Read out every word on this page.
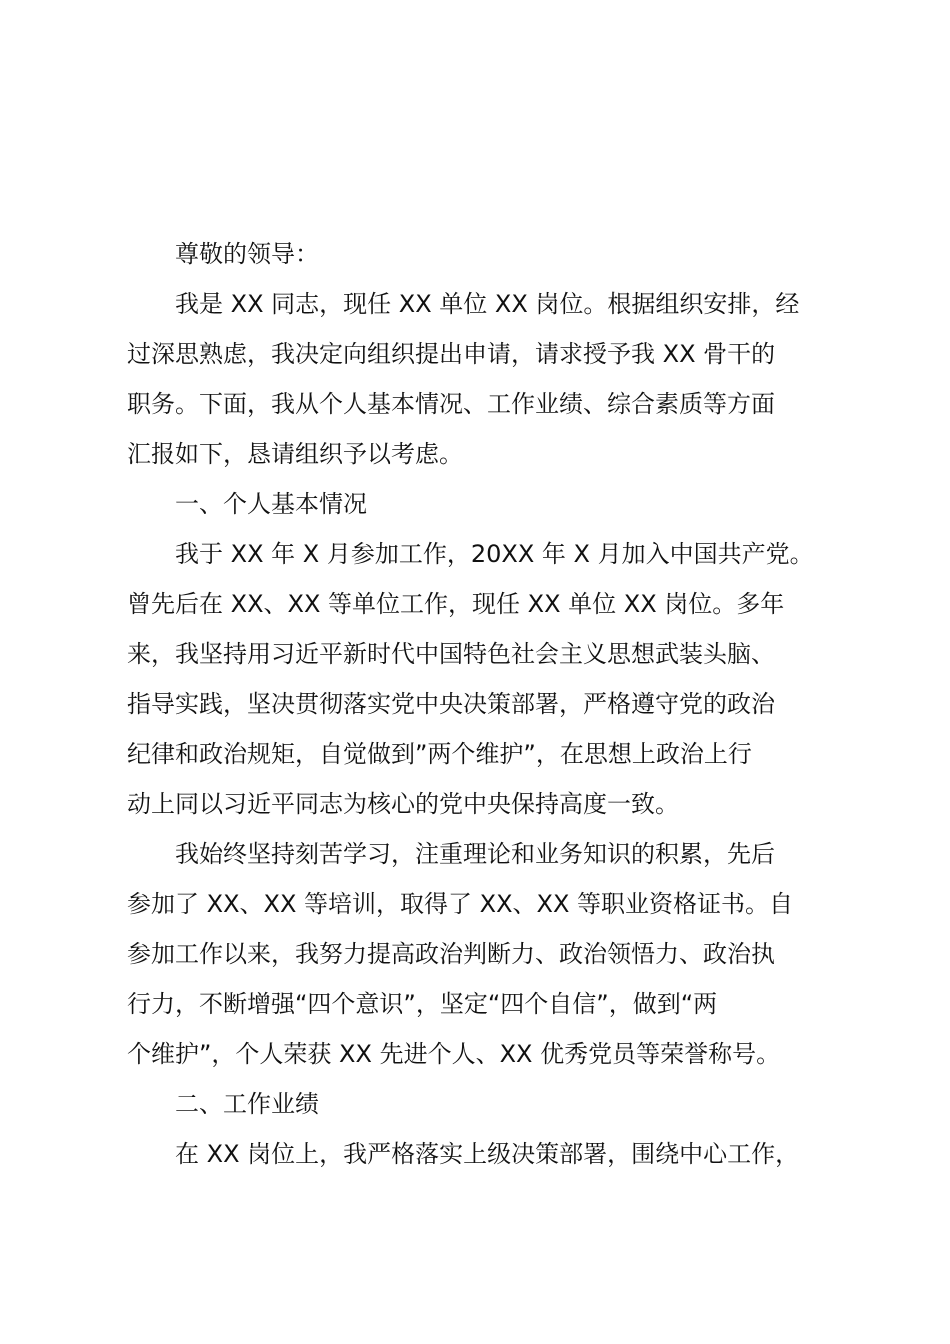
尊敬的领导：
我是 XX 同志，现任 XX 单位 XX 岗位。根据组织安排，经
过深思熟虑，我决定向组织提出申请，请求授予我 XX 骨干的
职务。下面，我从个人基本情况、工作业绩、综合素质等方面
汇报如下，恳请组织予以考虑。
一、个人基本情况
我于 XX 年 X 月参加工作，20XX 年 X 月加入中国共产党。
曾先后在 XX、XX 等单位工作，现任 XX 单位 XX 岗位。多年
来，我坚持用习近平新时代中国特色社会主义思想武装头脑、
指导实践，坚决贯彻落实党中央决策部署，严格遵守党的政治
纪律和政治规矩，自觉做到”两个维护”，在思想上政治上行
动上同以习近平同志为核心的党中央保持高度一致。
我始终坚持刻苦学习，注重理论和业务知识的积累，先后
参加了 XX、XX 等培训，取得了 XX、XX 等职业资格证书。自
参加工作以来，我努力提高政治判断力、政治领悟力、政治执
行力，不断增强“四个意识”，坚定“四个自信”，做到“两
个维护”，个人荣获 XX 先进个人、XX 优秀党员等荣誉称号。
二、工作业绩
在 XX 岗位上，我严格落实上级决策部署，围绕中心工作，
